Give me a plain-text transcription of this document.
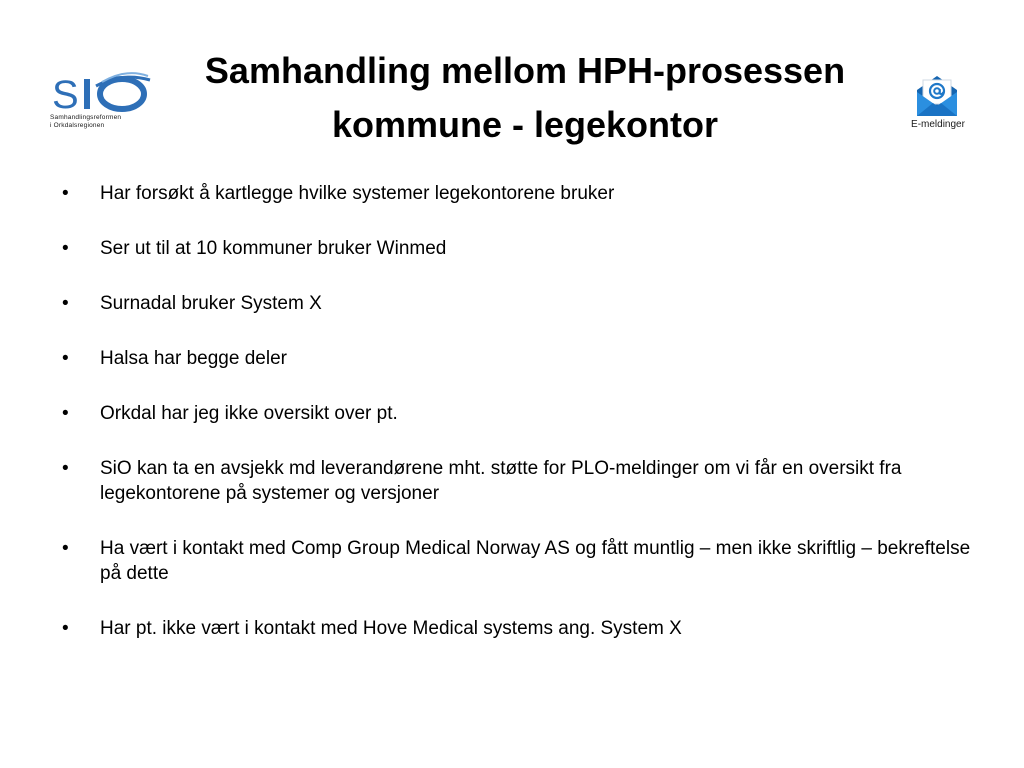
S
Samhandlingsreformen
i Orkdalsregionen
Samhandling mellom HPH-prosessen
kommune - legekontor	E-meldinger
•	Har forsøkt å kartlegge hvilke systemer legekontorene bruker
•	Ser ut til at 10 kommuner bruker Winmed
•	Surnadal bruker System X
•	Halsa har begge deler
•	Orkdal har jeg ikke oversikt over pt.
•	SiO kan ta en avsjekk md leverandørene mht. støtte for PLO-meldinger om vi får en oversikt fra legekontorene på systemer og versjoner
•	Ha vært i kontakt med Comp Group Medical Norway AS og fått muntlig – men ikke skriftlig – bekreftelse på dette
•	Har pt. ikke vært i kontakt med Hove Medical systems ang. System X
